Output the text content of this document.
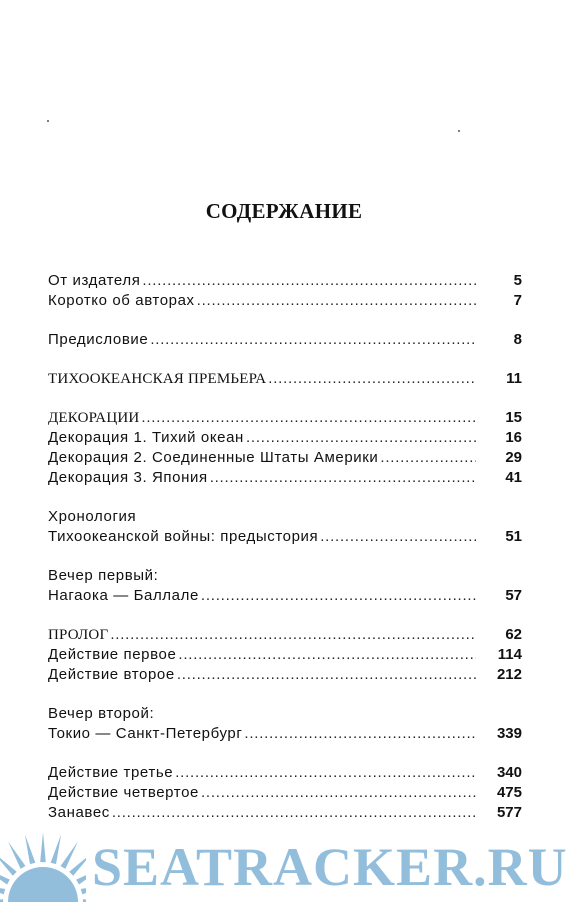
СОДЕРЖАНИЕ
От издателя . . .	5
Коротко об авторах . . .	7
Предисловие . . .	8
ТИХООКЕАНСКАЯ ПРЕМЬЕРА . . .	11
ДЕКОРАЦИИ . . .	15
Декорация 1. Тихий океан . . .	16
Декорация 2. Соединенные Штаты Америки . . .	29
Декорация 3. Япония . . .	41
Хронология
Тихоокеанской войны: предыстория . . .	51
Вечер первый:
Нагаока — Баллале . . .	57
ПРОЛОГ . . .	62
Действие первое . . .	114
Действие второе . . .	212
Вечер второй:
Токио — Санкт-Петербург . . .	339
Действие третье . . .	340
Действие четвертое . . .	475
Занавес . . .	577
SEATRACKER.RU
